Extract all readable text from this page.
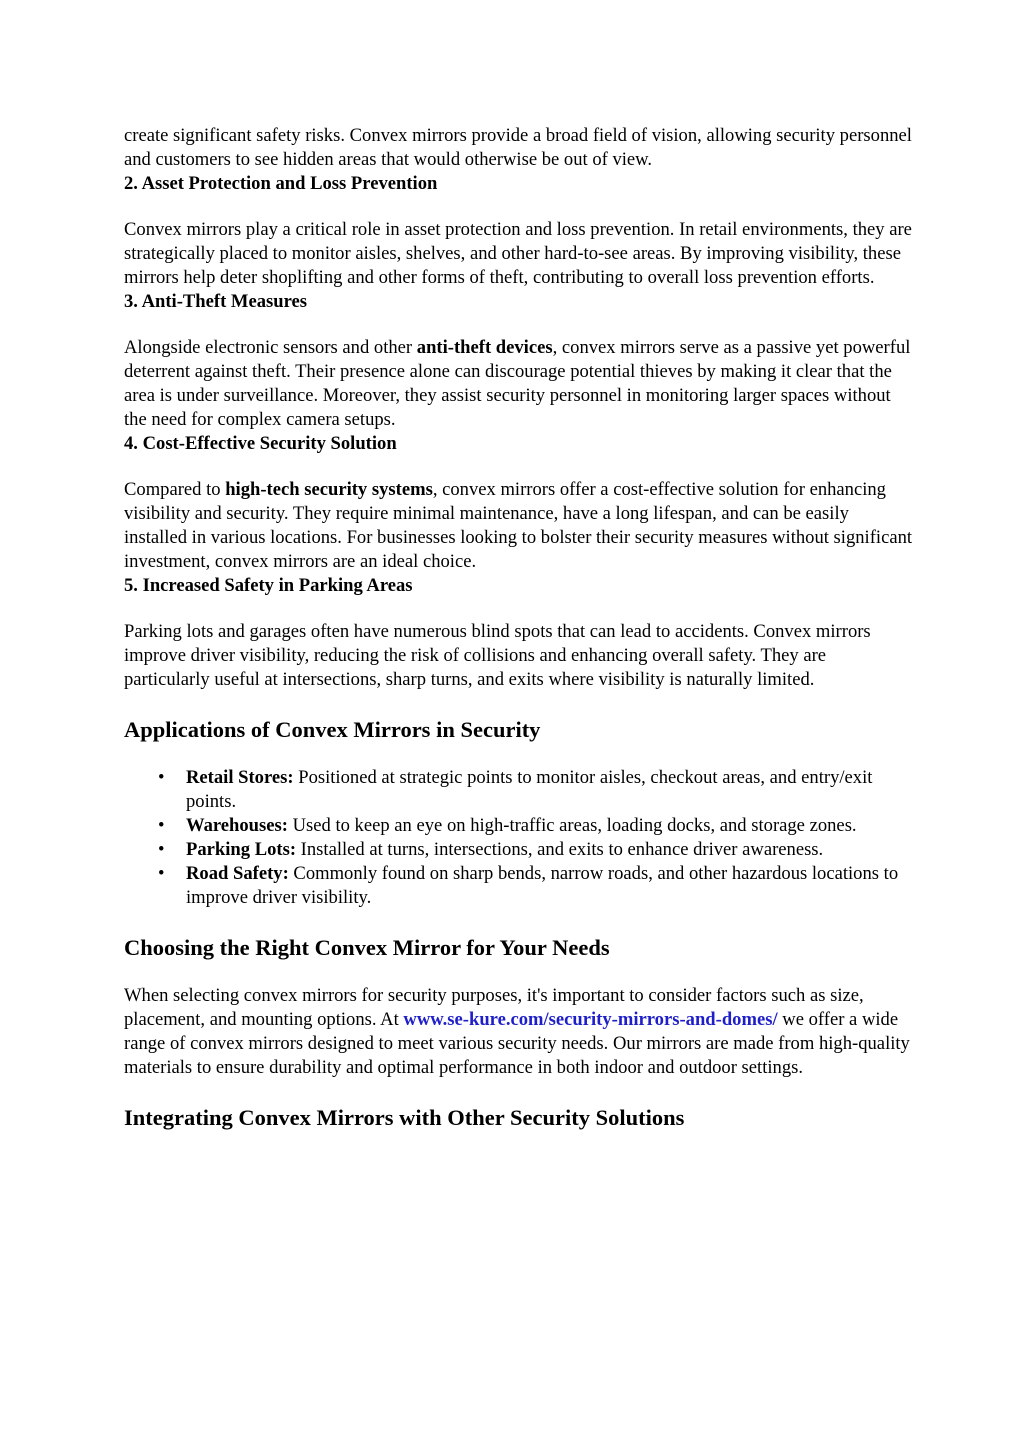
create significant safety risks. Convex mirrors provide a broad field of vision, allowing security personnel and customers to see hidden areas that would otherwise be out of view.

2. Asset Protection and Loss Prevention

Convex mirrors play a critical role in asset protection and loss prevention. In retail environments, they are strategically placed to monitor aisles, shelves, and other hard-to-see areas. By improving visibility, these mirrors help deter shoplifting and other forms of theft, contributing to overall loss prevention efforts.

3. Anti-Theft Measures

Alongside electronic sensors and other anti-theft devices, convex mirrors serve as a passive yet powerful deterrent against theft. Their presence alone can discourage potential thieves by making it clear that the area is under surveillance. Moreover, they assist security personnel in monitoring larger spaces without the need for complex camera setups.

4. Cost-Effective Security Solution

Compared to high-tech security systems, convex mirrors offer a cost-effective solution for enhancing visibility and security. They require minimal maintenance, have a long lifespan, and can be easily installed in various locations. For businesses looking to bolster their security measures without significant investment, convex mirrors are an ideal choice.

5. Increased Safety in Parking Areas

Parking lots and garages often have numerous blind spots that can lead to accidents. Convex mirrors improve driver visibility, reducing the risk of collisions and enhancing overall safety. They are particularly useful at intersections, sharp turns, and exits where visibility is naturally limited.

Applications of Convex Mirrors in Security
• Retail Stores: Positioned at strategic points to monitor aisles, checkout areas, and entry/exit points.
• Warehouses: Used to keep an eye on high-traffic areas, loading docks, and storage zones.
• Parking Lots: Installed at turns, intersections, and exits to enhance driver awareness.
• Road Safety: Commonly found on sharp bends, narrow roads, and other hazardous locations to improve driver visibility.
Choosing the Right Convex Mirror for Your Needs

When selecting convex mirrors for security purposes, it's important to consider factors such as size, placement, and mounting options. At www.se-kure.com/security-mirrors-and-domes/ we offer a wide range of convex mirrors designed to meet various security needs. Our mirrors are made from high-quality materials to ensure durability and optimal performance in both indoor and outdoor settings.

Integrating Convex Mirrors with Other Security Solutions
